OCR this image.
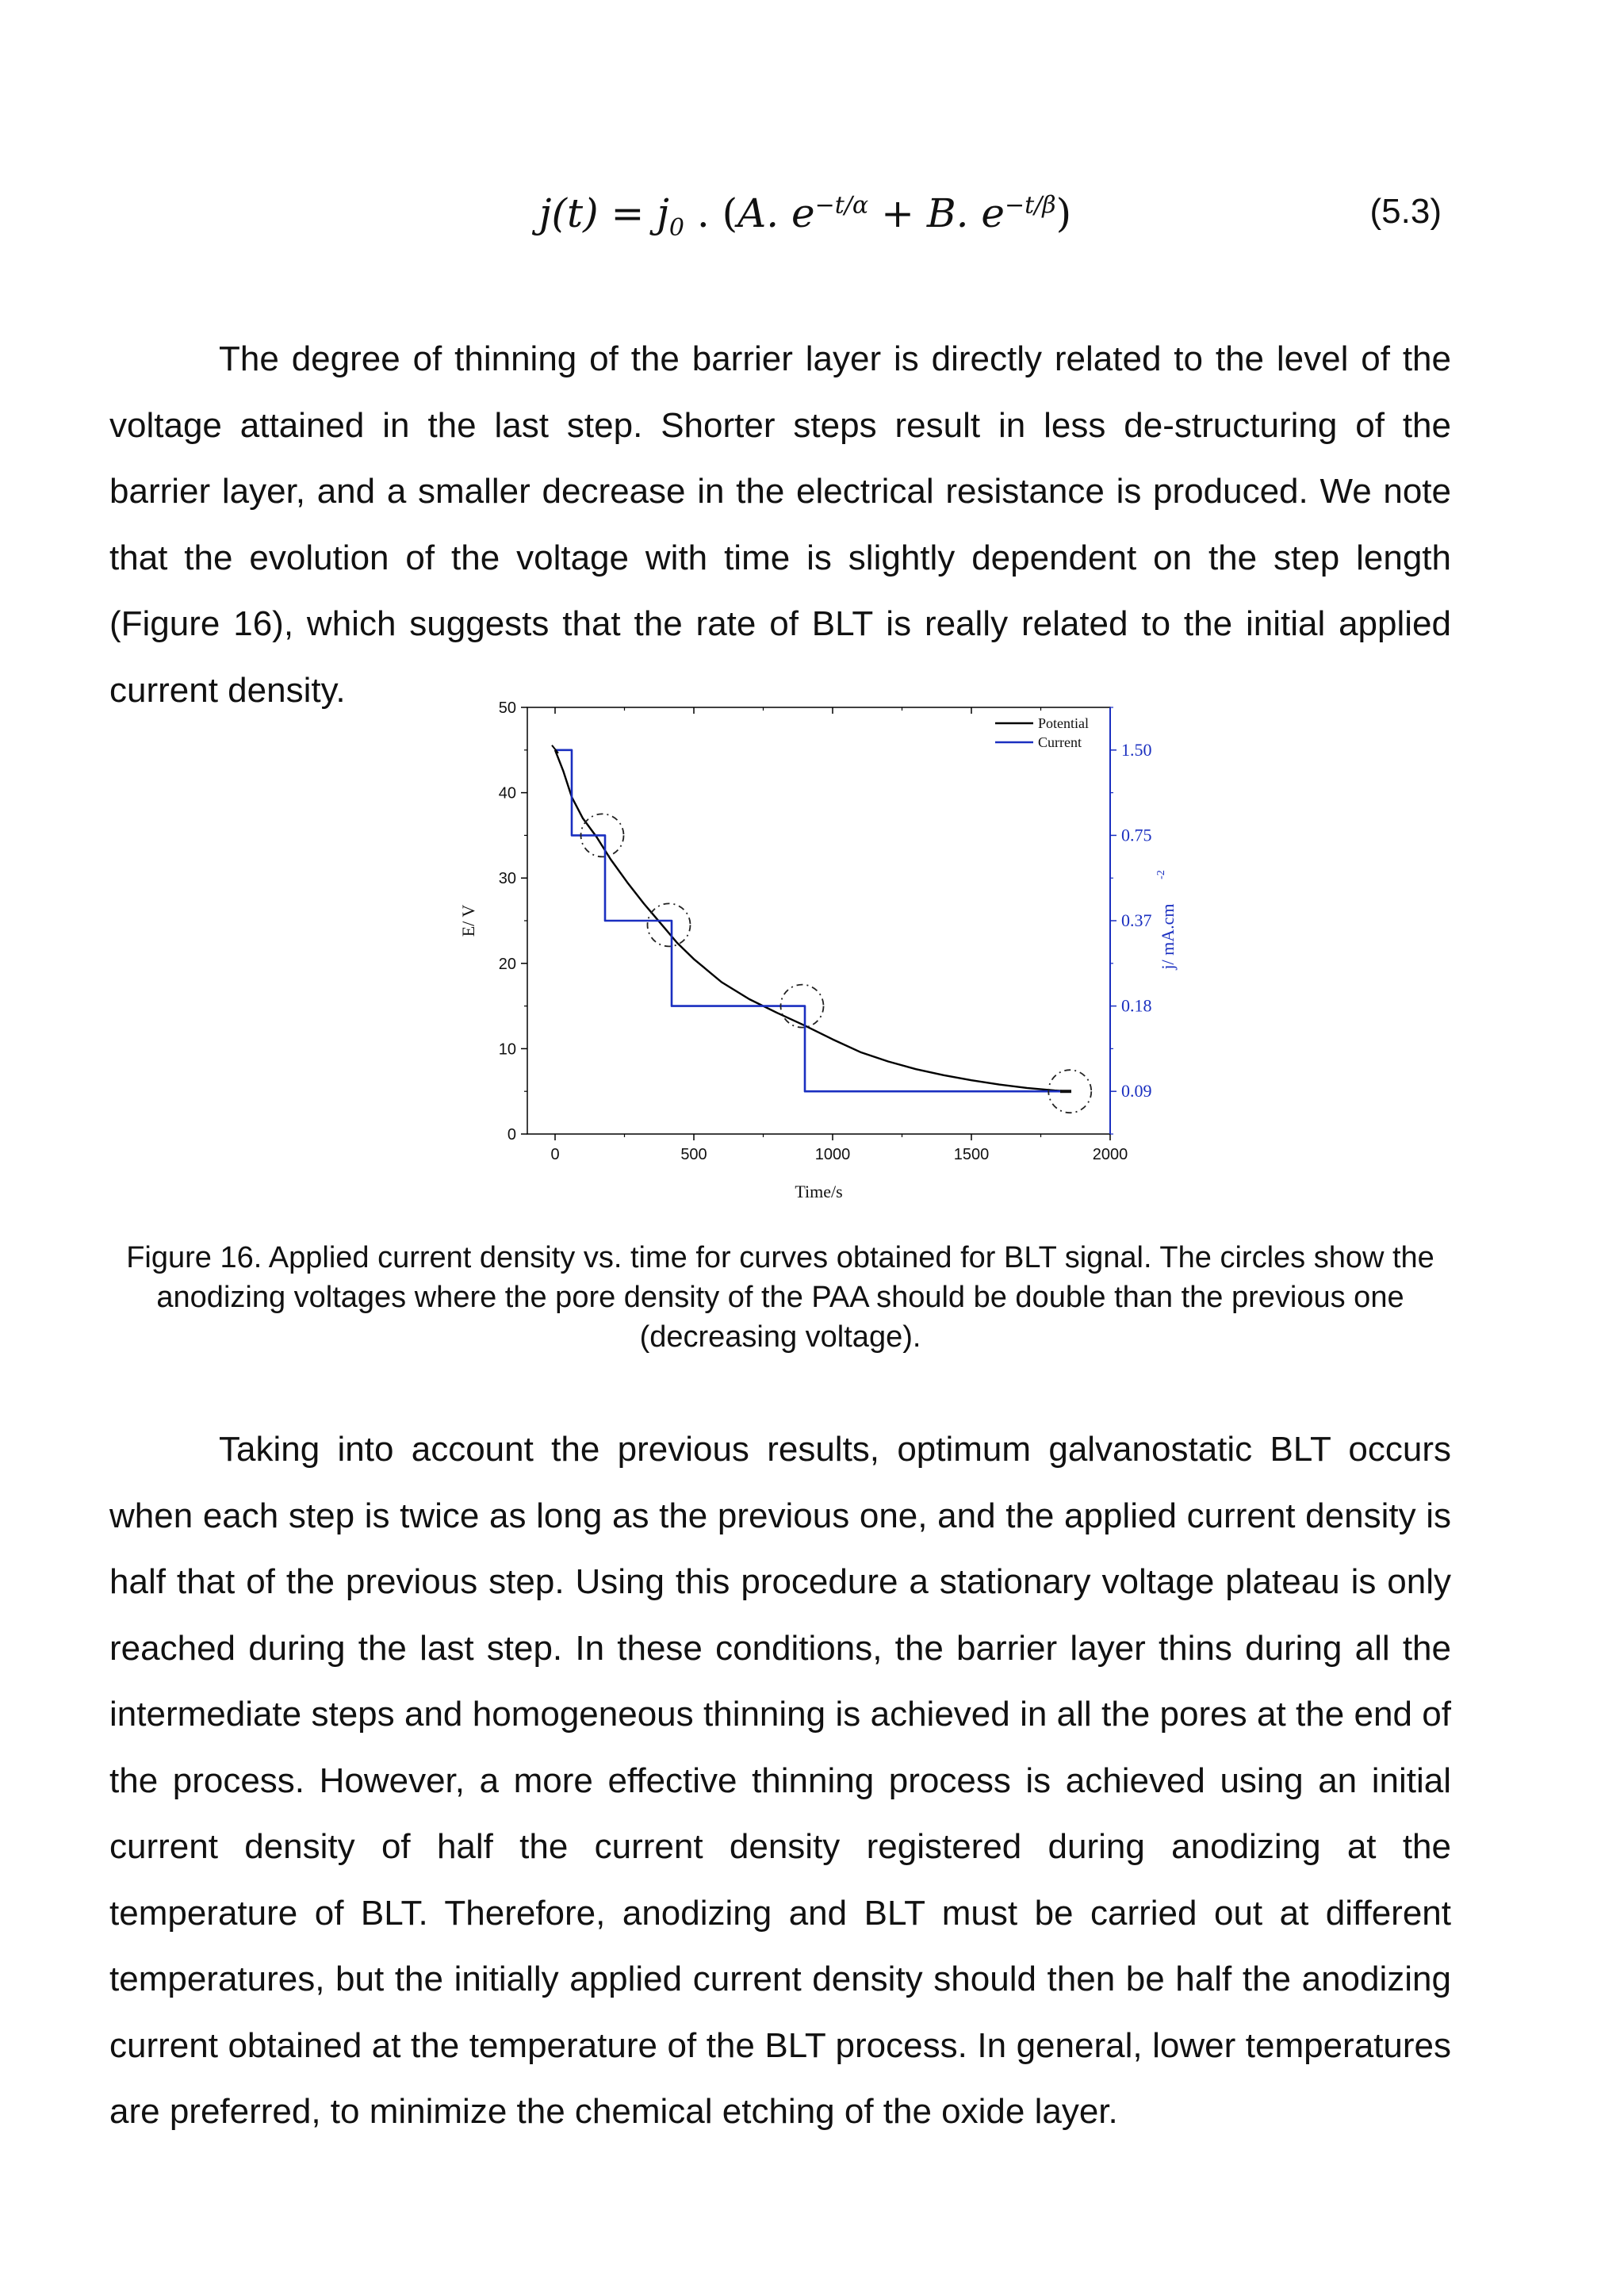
$j(t) = j_0$ . (A. $e^{-t/\alpha} + B$. $e^{-t/\beta}$)	(5.3)

The degree of thinning of the barrier layer is directly related to the level of the voltage attained in the last step. Shorter steps result in less de-structuring of the barrier layer, and a smaller decrease in the electrical resistance is produced. We note that the evolution of the voltage with time is slightly dependent on the step length (Figure 16), which suggests that the rate of BLT is really related to the initial applied current density.

0
10
20
30
40
50
0	500	1000	1500	2000
1.50
0.75
0.37
0.18
0.09
Time/s
E/ V	j/ mA.cm
-2
Potential
Current
Figure 16. Applied current density vs. time for curves obtained for BLT signal. The circles show the anodizing voltages where the pore density of the PAA should be double than the previous one (decreasing voltage).

Taking into account the previous results, optimum galvanostatic BLT occurs when each step is twice as long as the previous one, and the applied current density is half that of the previous step. Using this procedure a stationary voltage plateau is only reached during the last step. In these conditions, the barrier layer thins during all the intermediate steps and homogeneous thinning is achieved in all the pores at the end of the process. However, a more effective thinning process is achieved using an initial current density of half the current density registered during anodizing at the temperature of BLT. Therefore, anodizing and BLT must be carried out at different temperatures, but the initially applied current density should then be half the anodizing current obtained at the temperature of the BLT process. In general, lower temperatures are preferred, to minimize the chemical etching of the oxide layer.
